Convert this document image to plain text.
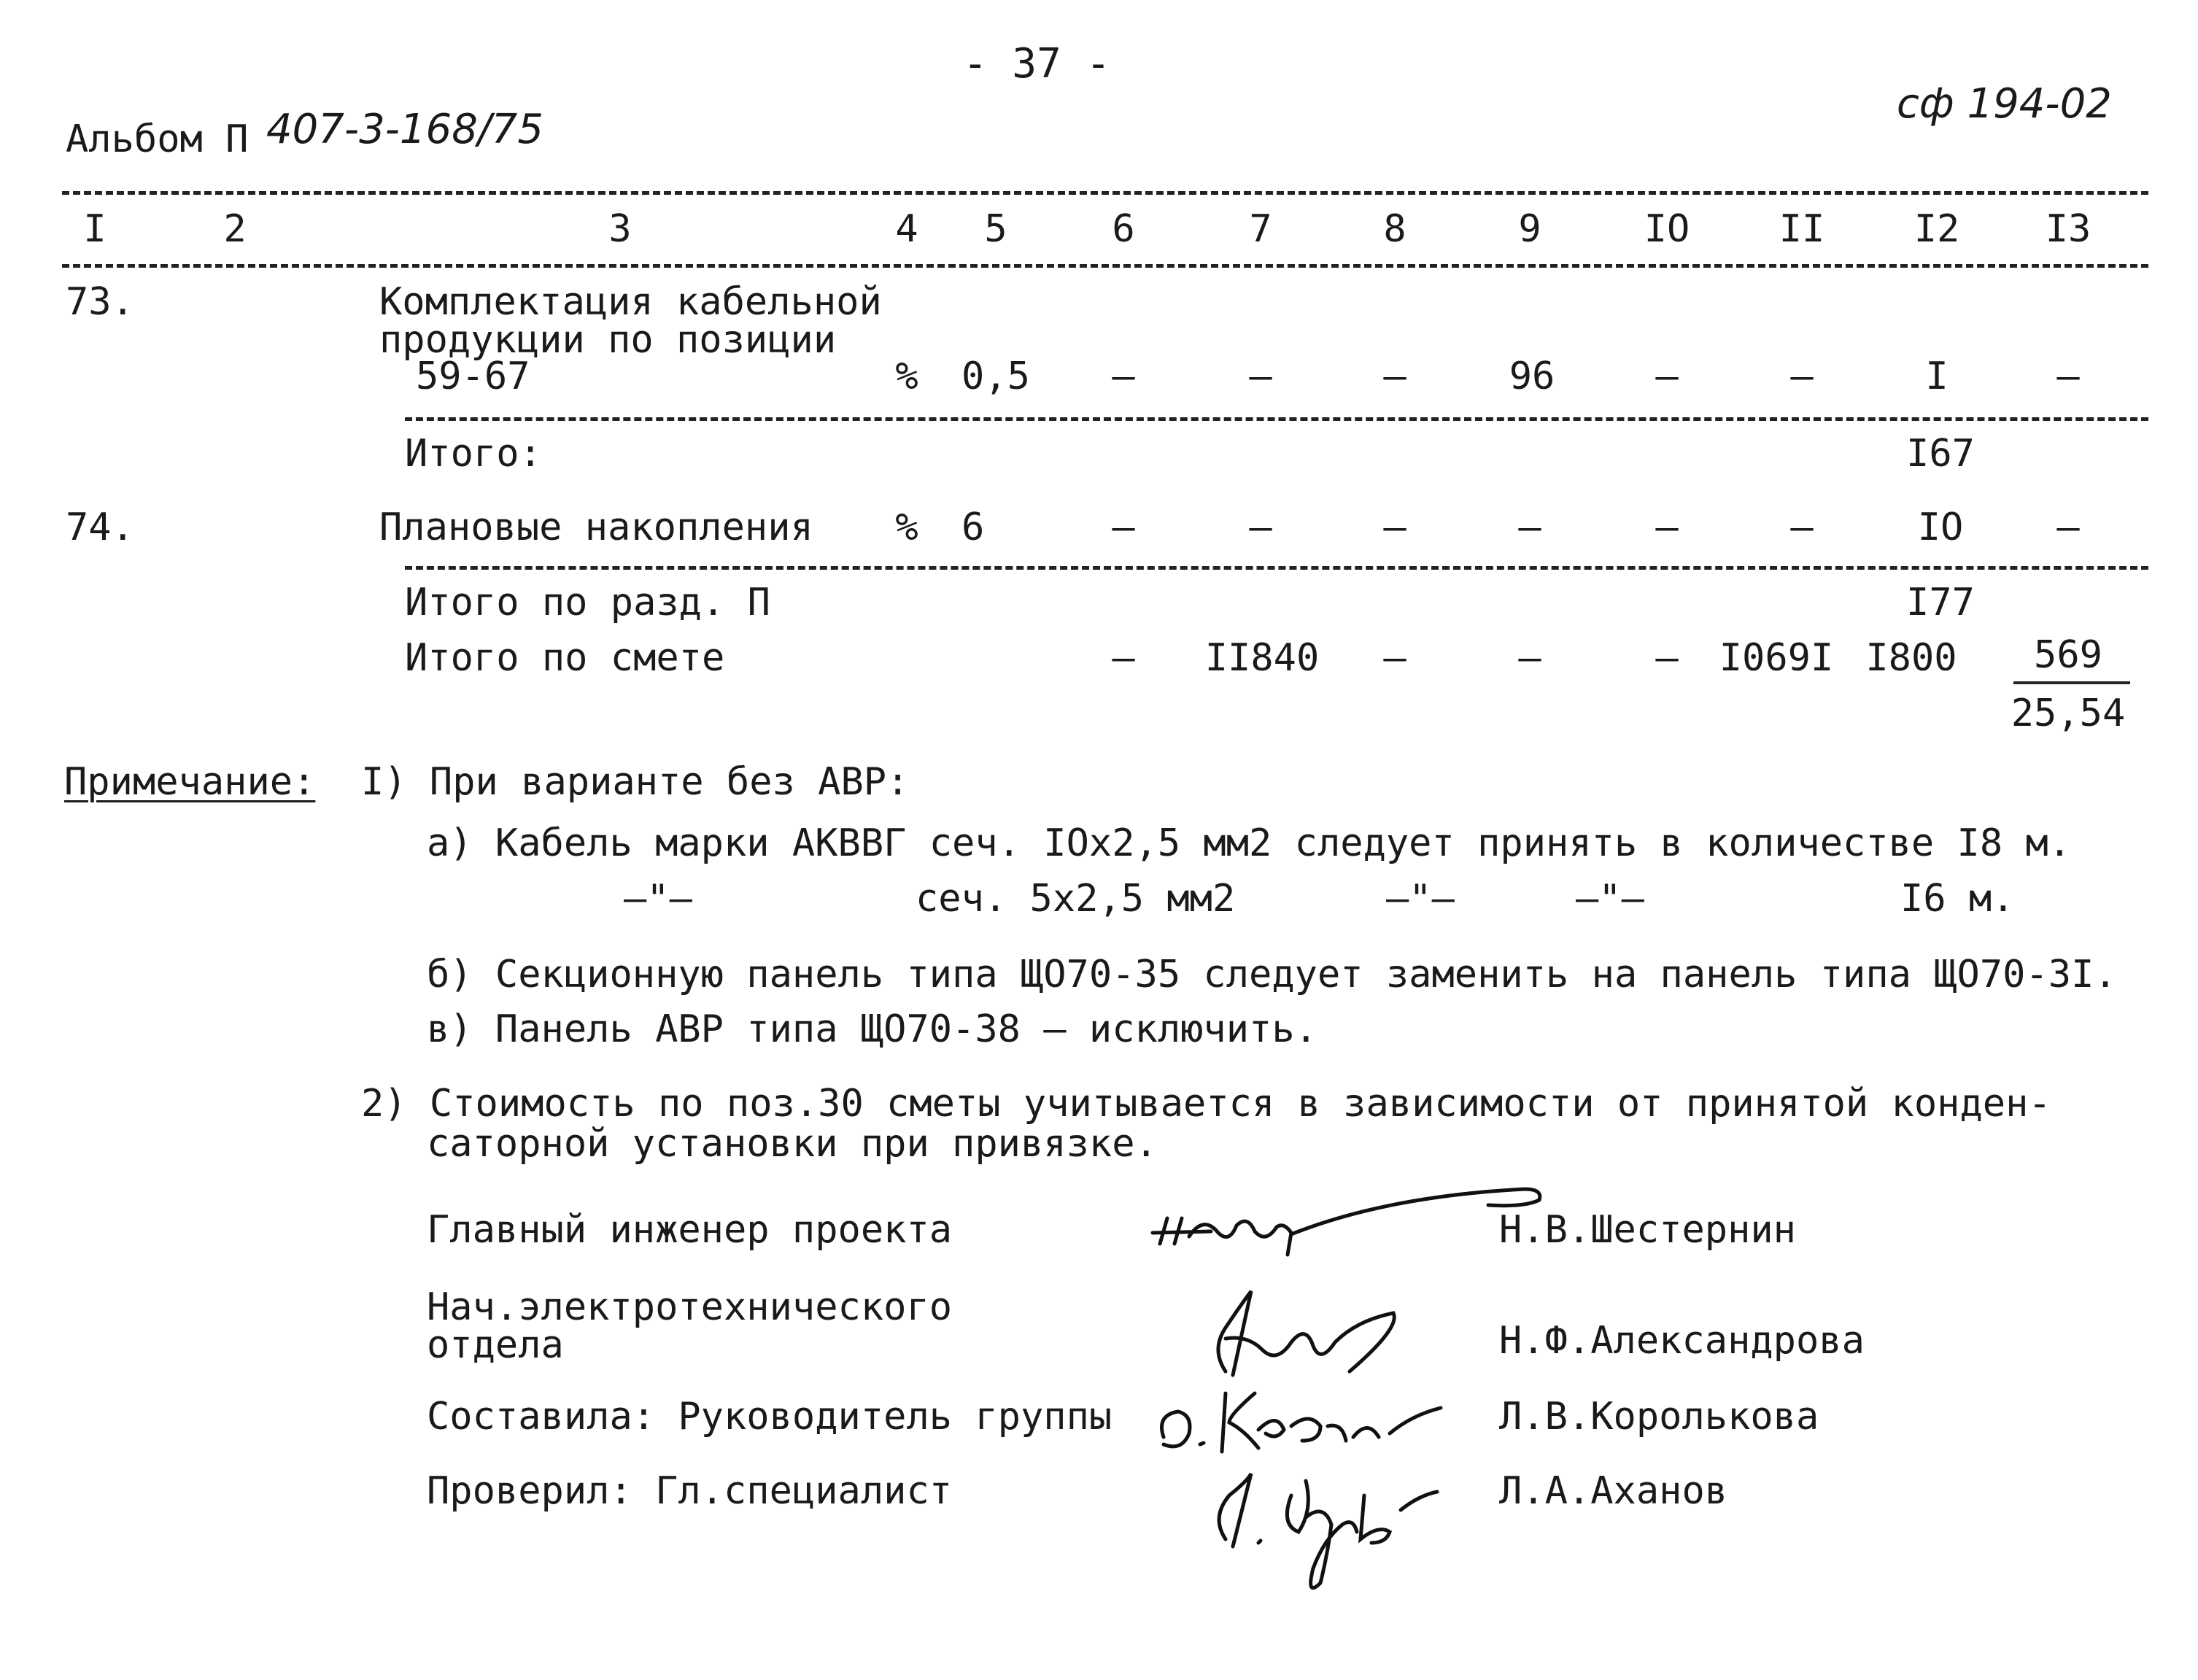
- 37 -
Альбом П 407-3-168/75
сф 194-02
I	2	3	4 5	6	7	8	9	IO II I2 I3
73.	Комплектация кабельной
продукции по позиции
59-67	% 0,5 –	–	–	96	–	–	I	–
Итого:	I67
74.	Плановые накопления % 6	–	–	–	–	—	–	IO	–
Итого по разд. П	I77
Итого по смете	– II840 –	–	– I069I I800	569
25,54
Примечание: I) При варианте без АВР:
а) Кабель марки АКВВГ сеч. IOx2,5 мм2 следует принять в количестве I8 м.
–"–	сеч. 5x2,5 мм2	–"–	–"–	I6 м.
б) Секционную панель типа ЩО70-35 следует заменить на панель типа ЩО70-3I.
в) Панель АВР типа ЩО70-38 – исключить.
2) Стоимость по поз.30 сметы учитывается в зависимости от принятой конден-
саторной установки при привязке.
Главный инженер проекта	Н.В.Шестернин
Нач.электротехнического
отдела	Н.Ф.Александрова
Составила: Руководитель группы	Л.В.Королькова
Проверил: Гл.специалист	Л.А.Аханов
